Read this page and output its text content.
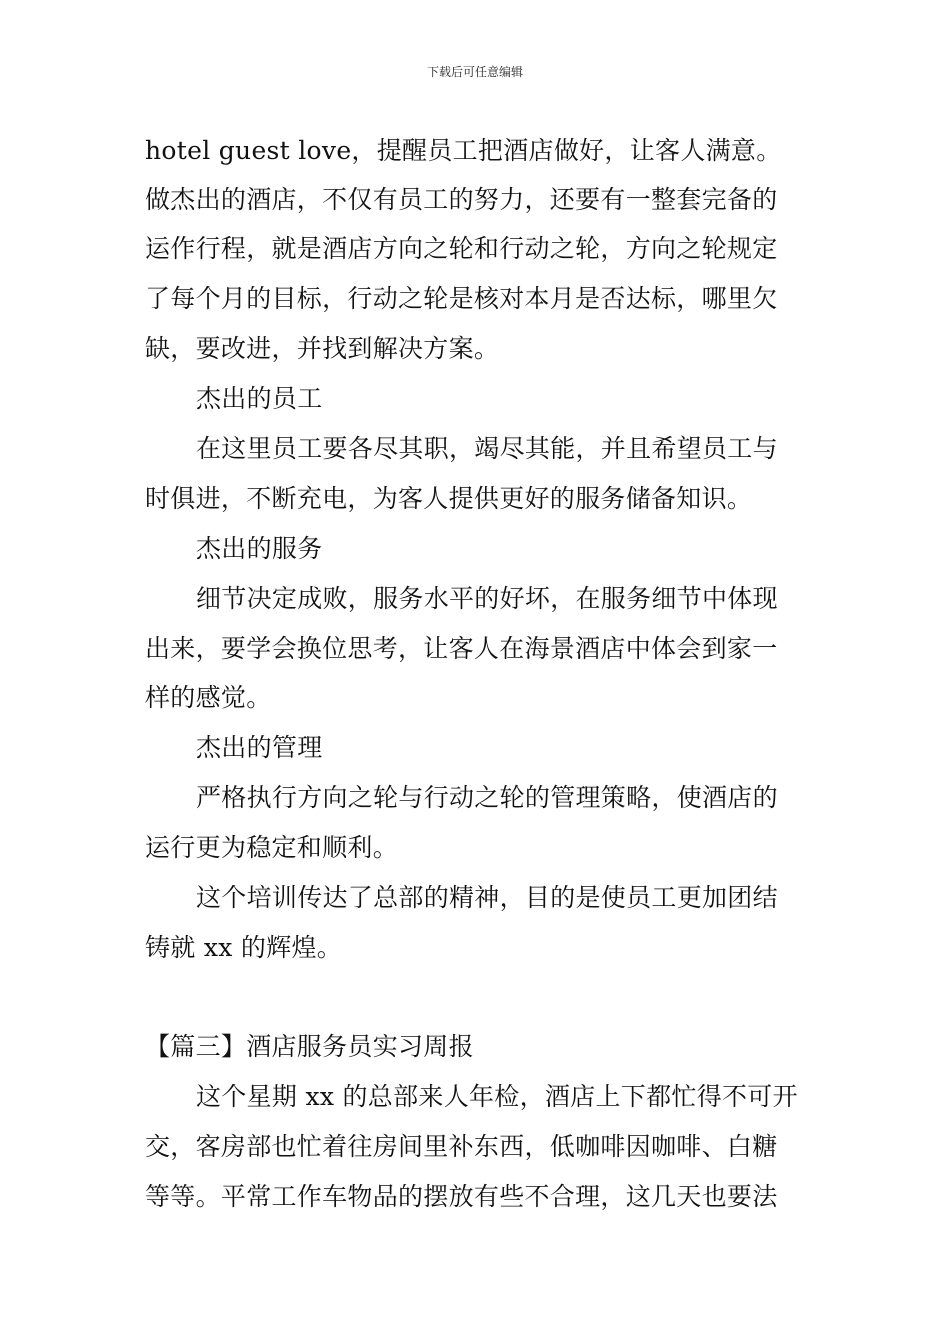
下载后可任意编辑
hotel guest love，提醒员工把酒店做好，让客人满意。
做杰出的酒店，不仅有员工的努力，还要有一整套完备的
运作行程，就是酒店方向之轮和行动之轮，方向之轮规定
了每个月的目标，行动之轮是核对本月是否达标，哪里欠
缺，要改进，并找到解决方案。
杰出的员工
在这里员工要各尽其职，竭尽其能，并且希望员工与
时俱进，不断充电，为客人提供更好的服务储备知识。
杰出的服务
细节决定成败，服务水平的好坏，在服务细节中体现
出来，要学会换位思考，让客人在海景酒店中体会到家一
样的感觉。
杰出的管理
严格执行方向之轮与行动之轮的管理策略，使酒店的
运行更为稳定和顺利。
这个培训传达了总部的精神，目的是使员工更加团结
铸就 xx 的辉煌。
【篇三】酒店服务员实习周报
这个星期 xx 的总部来人年检，酒店上下都忙得不可开
交，客房部也忙着往房间里补东西，低咖啡因咖啡、白糖
等等。平常工作车物品的摆放有些不合理，这几天也要法
